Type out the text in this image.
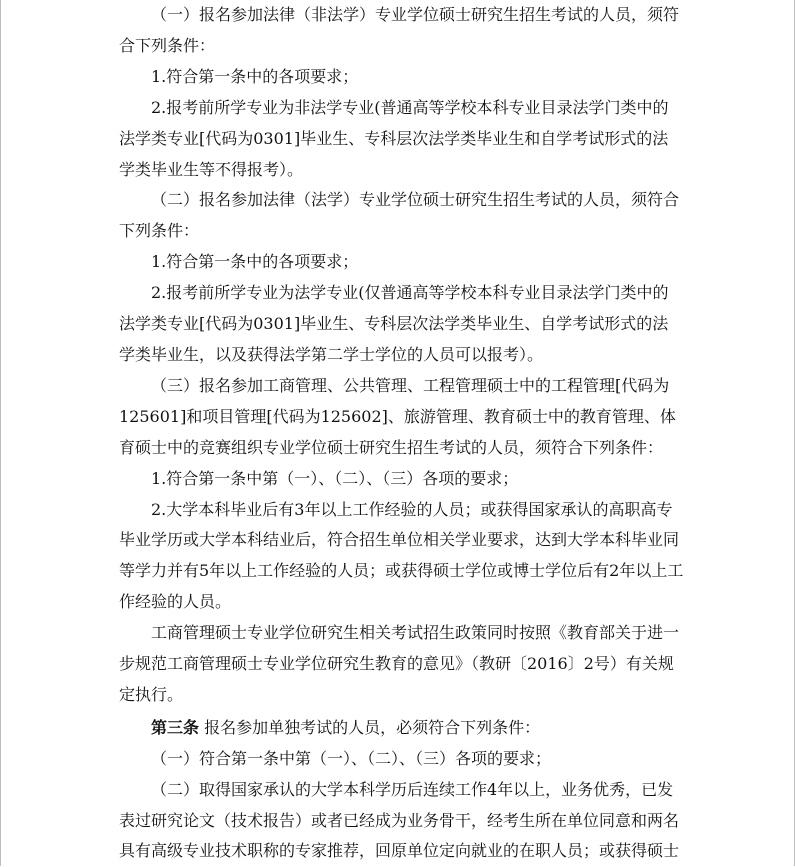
（一）报名参加法律（非法学）专业学位硕士研究生招生考试的人员，须符合下列条件：

1.符合第一条中的各项要求；

2.报考前所学专业为非法学专业(普通高等学校本科专业目录法学门类中的法学类专业[代码为0301]毕业生、专科层次法学类毕业生和自学考试形式的法学类毕业生等不得报考）。

（二）报名参加法律（法学）专业学位硕士研究生招生考试的人员，须符合下列条件：

1.符合第一条中的各项要求；

2.报考前所学专业为法学专业(仅普通高等学校本科专业目录法学门类中的法学类专业[代码为0301]毕业生、专科层次法学类毕业生、自学考试形式的法学类毕业生，以及获得法学第二学士学位的人员可以报考）。

（三）报名参加工商管理、公共管理、工程管理硕士中的工程管理[代码为125601]和项目管理[代码为125602]、旅游管理、教育硕士中的教育管理、体育硕士中的竞赛组织专业学位硕士研究生招生考试的人员，须符合下列条件：

1.符合第一条中第（一）、（二）、（三）各项的要求；

2.大学本科毕业后有3年以上工作经验的人员；或获得国家承认的高职高专毕业学历或大学本科结业后，符合招生单位相关学业要求，达到大学本科毕业同等学力并有5年以上工作经验的人员；或获得硕士学位或博士学位后有2年以上工作经验的人员。

工商管理硕士专业学位研究生相关考试招生政策同时按照《教育部关于进一步规范工商管理硕士专业学位研究生教育的意见》（教研〔2016〕2号）有关规定执行。

第三条 报名参加单独考试的人员，必须符合下列条件：

（一）符合第一条中第（一）、（二）、（三）各项的要求；

（二）取得国家承认的大学本科学历后连续工作4年以上，业务优秀，已发表过研究论文（技术报告）或者已经成为业务骨干，经考生所在单位同意和两名具有高级专业技术职称的专家推荐，回原单位定向就业的在职人员；或获得硕士
